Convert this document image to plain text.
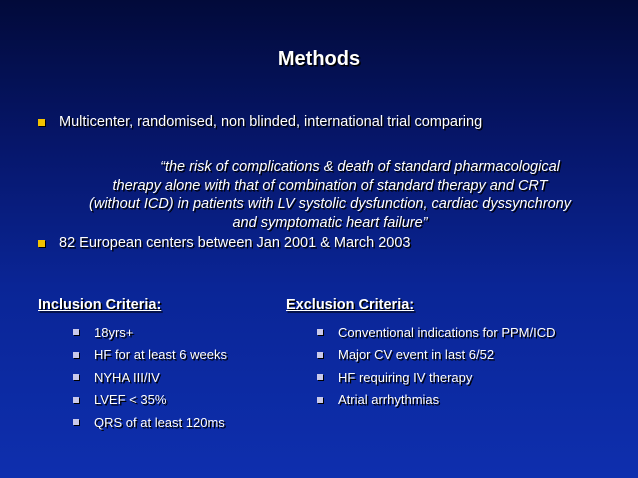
Methods
Multicenter, randomised, non blinded, international trial comparing
“the risk of complications & death of standard pharmacological
therapy alone with that of combination of standard therapy and CRT
(without ICD) in patients with LV systolic dysfunction, cardiac dyssynchrony
and symptomatic heart failure”
82 European centers between Jan 2001 & March 2003
Inclusion Criteria:
18yrs+
HF for at least 6 weeks
NYHA III/IV
LVEF < 35%
QRS of at least 120ms
Exclusion Criteria:
Conventional indications for PPM/ICD
Major CV event in last 6/52
HF requiring IV therapy
Atrial arrhythmias
